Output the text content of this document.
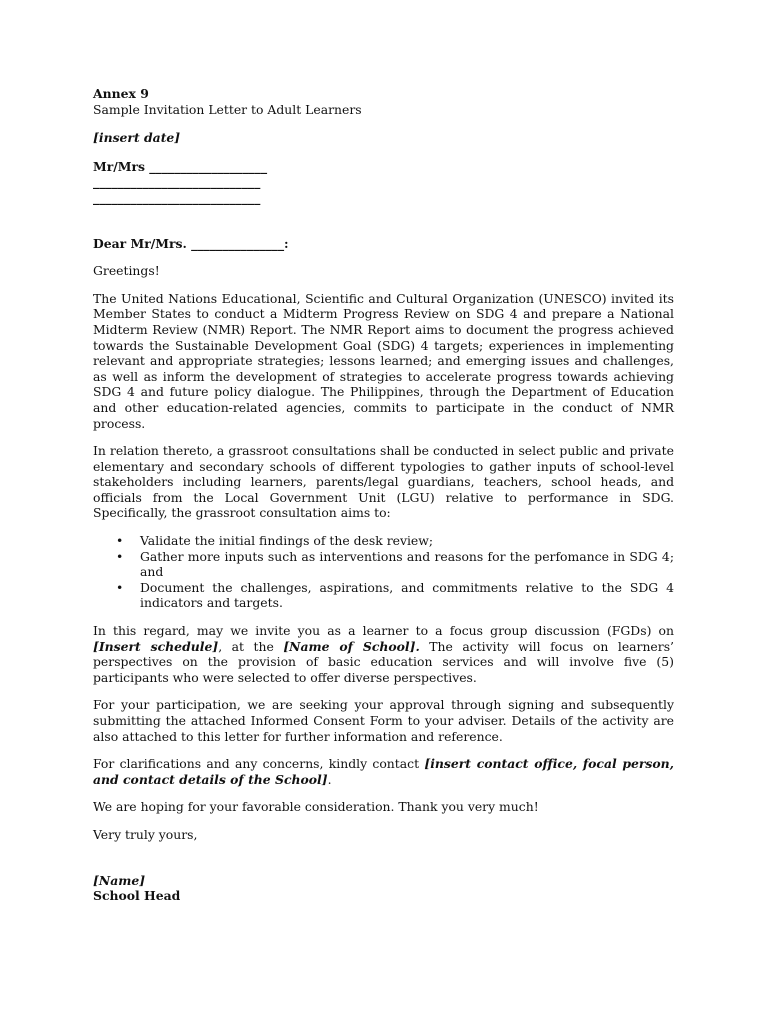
Annex 9
Sample Invitation Letter to Adult Learners
[insert date]
Mr/Mrs ___________________
___________________________
___________________________
Dear Mr/Mrs. _______________:
Greetings!
The United Nations Educational, Scientific and Cultural Organization (UNESCO) invited its Member States to conduct a Midterm Progress Review on SDG 4 and prepare a National Midterm Review (NMR) Report. The NMR Report aims to document the progress achieved towards the Sustainable Development Goal (SDG) 4 targets; experiences in implementing relevant and appropriate strategies; lessons learned; and emerging issues and challenges, as well as inform the development of strategies to accelerate progress towards achieving SDG 4 and future policy dialogue. The Philippines, through the Department of Education and other education-related agencies, commits to participate in the conduct of NMR process.
In relation thereto, a grassroot consultations shall be conducted in select public and private elementary and secondary schools of different typologies to gather inputs of school-level stakeholders including learners, parents/legal guardians, teachers, school heads, and officials from the Local Government Unit (LGU) relative to performance in SDG. Specifically, the grassroot consultation aims to:
• Validate the initial findings of the desk review;
• Gather more inputs such as interventions and reasons for the perfomance in SDG 4; and
• Document the challenges, aspirations, and commitments relative to the SDG 4 indicators and targets.
In this regard, may we invite you as a learner to a focus group discussion (FGDs) on [Insert schedule], at the [Name of School]. The activity will focus on learners’ perspectives on the provision of basic education services and will involve five (5) participants who were selected to offer diverse perspectives.
For your participation, we are seeking your approval through signing and subsequently submitting the attached Informed Consent Form to your adviser. Details of the activity are also attached to this letter for further information and reference.
For clarifications and any concerns, kindly contact [insert contact office, focal person, and contact details of the School].
We are hoping for your favorable consideration. Thank you very much!
Very truly yours,
[Name]
School Head
